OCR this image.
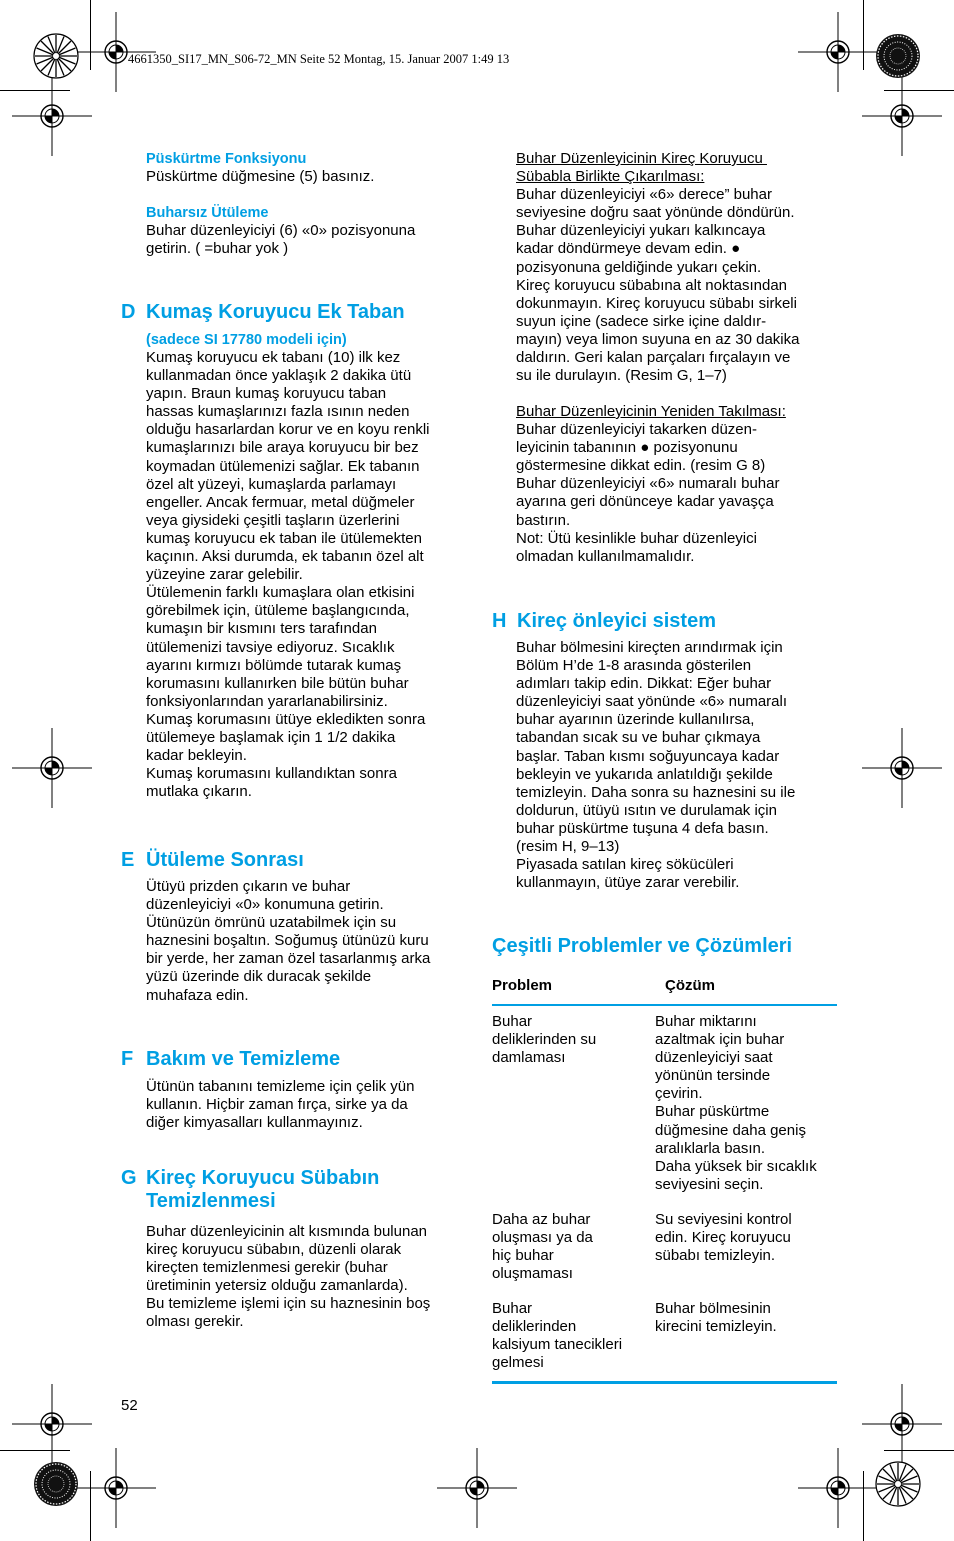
4661350_SI17_MN_S06-72_MN Seite 52 Montag, 15. Januar 2007 1:49 13

Püskürtme Fonksiyonu

Püskürtme düğmesine (5) basınız.

Buharsız Ütüleme

Buhar düzenleyiciyi (6) «0» pozisyonuna

getirin. ( =buhar yok )

D Kumaş Koruyucu Ek Taban

(sadece SI 17780 modeli için)

Kumaş koruyucu ek tabanı (10) ilk kez

kullanmadan önce yaklaşık 2 dakika ütü

yapın. Braun kumaş koruyucu taban

hassas kumaşlarınızı fazla ısının neden

olduğu hasarlardan korur ve en koyu renkli

kumaşlarınızı bile araya koruyucu bir bez

koymadan ütülemenizi sağlar. Ek tabanın

özel alt yüzeyi, kumaşlarda parlamayı

engeller. Ancak fermuar, metal düğmeler

veya giysideki çeşitli taşların üzerlerini

kumaş koruyucu ek taban ile ütülemekten

kaçının. Aksi durumda, ek tabanın özel alt

yüzeyine zarar gelebilir.

Ütülemenin farklı kumaşlara olan etkisini

görebilmek için, ütüleme başlangıcında,

kumaşın bir kısmını ters tarafından

ütülemenizi tavsiye ediyoruz. Sıcaklık

ayarını kırmızı bölümde tutarak kumaş

korumasını kullanırken bile bütün buhar

fonksiyonlarından yararlanabilirsiniz.

Kumaş korumasını ütüye ekledikten sonra

ütülemeye başlamak için 1 1/2 dakika

kadar bekleyin.

Kumaş korumasını kullandıktan sonra

mutlaka çıkarın.

E Ütüleme Sonrası

Ütüyü prizden çıkarın ve buhar

düzenleyiciyi «0» konumuna getirin.

Ütünüzün ömrünü uzatabilmek için su

haznesini boşaltın. Soğumuş ütünüzü kuru

bir yerde, her zaman özel tasarlanmış arka

yüzü üzerinde dik duracak şekilde

muhafaza edin.

F Bakım ve Temizleme

Ütünün tabanını temizleme için çelik yün

kullanın. Hiçbir zaman fırça, sirke ya da

diğer kimyasalları kullanmayınız.

G Kireç Koruyucu Sübabın
Temizlenmesi

Buhar düzenleyicinin alt kısmında bulunan

kireç koruyucu sübabın, düzenli olarak

kireçten temizlenmesi gerekir (buhar

üretiminin yetersiz olduğu zamanlarda).

Bu temizleme işlemi için su haznesinin boş

olması gerekir.

Buhar Düzenleyicinin Kireç Koruyucu

Sübabla Birlikte Çıkarılması:

Buhar düzenleyiciyi «6» derece” buhar

seviyesine doğru saat yönünde döndürün.

Buhar düzenleyiciyi yukarı kalkıncaya

kadar döndürmeye devam edin. ●

pozisyonuna geldiğinde yukarı çekin.

Kireç koruyucu sübabına alt noktasından

dokunmayın. Kireç koruyucu sübabı sirkeli

suyun içine (sadece sirke içine daldır-

mayın) veya limon suyuna en az 30 dakika

daldırın. Geri kalan parçaları fırçalayın ve

su ile durulayın. (Resim G, 1–7)

Buhar Düzenleyicinin Yeniden Takılması:

Buhar düzenleyiciyi takarken düzen-

leyicinin tabanının ● pozisyonunu

göstermesine dikkat edin. (resim G 8)

Buhar düzenleyiciyi «6» numaralı buhar

ayarına geri dönünceye kadar yavaşça

bastırın.

Not: Ütü kesinlikle buhar düzenleyici

olmadan kullanılmamalıdır.

H Kireç önleyici sistem

Buhar bölmesini kireçten arındırmak için

Bölüm H’de 1-8 arasında gösterilen

adımları takip edin. Dikkat: Eğer buhar

düzenleyiciyi saat yönünde «6» numaralı

buhar ayarının üzerinde kullanılırsa,

tabandan sıcak su ve buhar çıkmaya

başlar. Taban kısmı soğuyuncaya kadar

bekleyin ve yukarıda anlatıldığı şekilde

temizleyin. Daha sonra su haznesini su ile

doldurun, ütüyü ısıtın ve durulamak için

buhar püskürtme tuşuna 4 defa basın.

(resim H, 9–13)

Piyasada satılan kireç sökücüleri

kullanmayın, ütüye zarar verebilir.

Çeşitli Problemler ve Çözümleri
Problem	Çözüm
Buhar
deliklerinden su
damlaması
Buhar miktarını
azaltmak için buhar
düzenleyiciyi saat
yönünün tersinde
çevirin.
Buhar püskürtme
düğmesine daha geniş
aralıklarla basın.
Daha yüksek bir sıcaklık
seviyesini seçin.
Daha az buhar
oluşması ya da
hiç buhar
oluşmaması
Su seviyesini kontrol
edin. Kireç koruyucu
sübabı temizleyin.
Buhar
deliklerinden
kalsiyum tanecikleri
gelmesi
Buhar bölmesinin
kirecini temizleyin.
52
